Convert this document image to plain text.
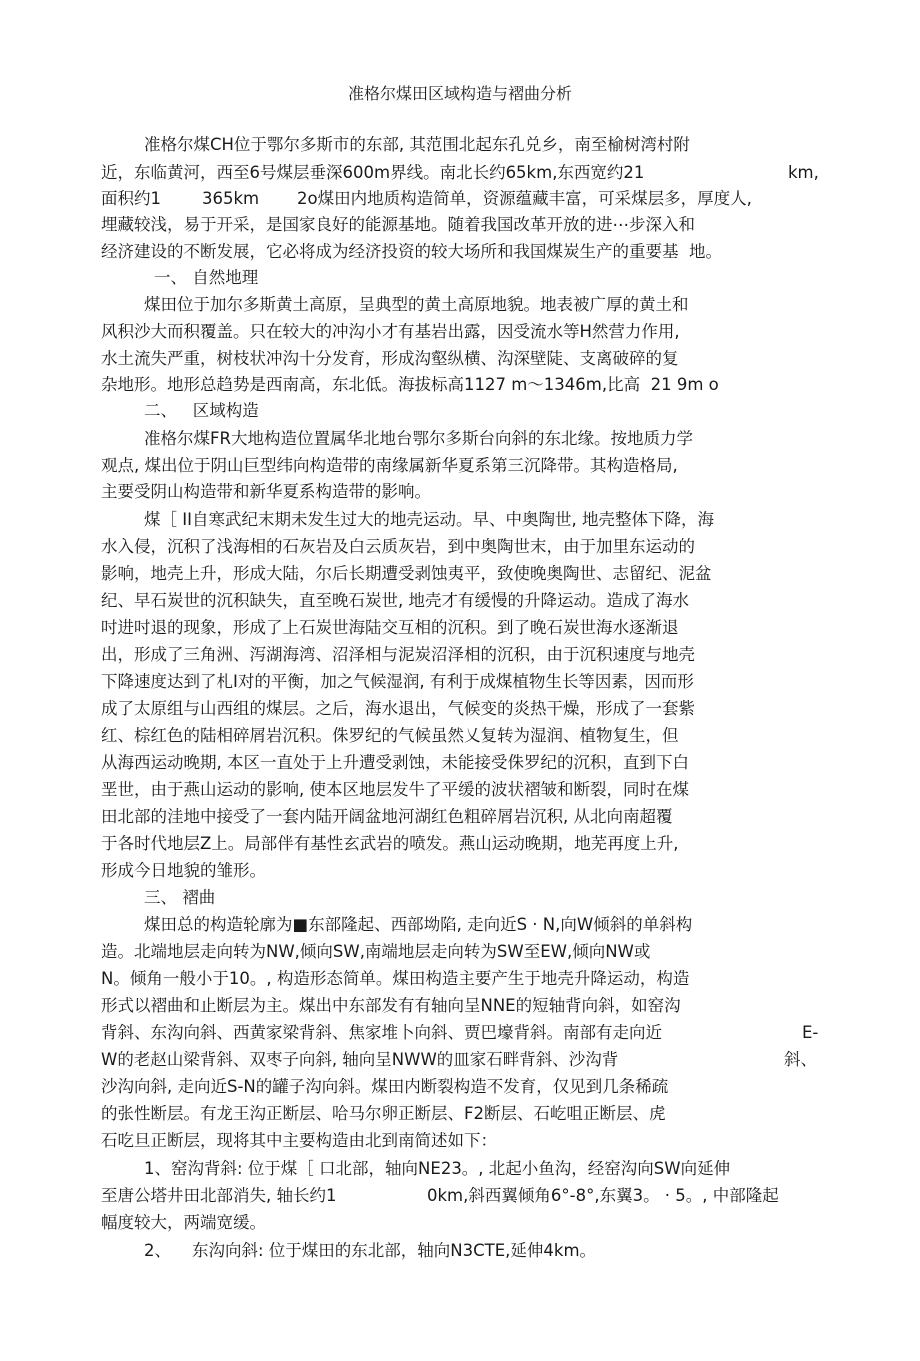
准格尔煤田区域构造与褶曲分析
准格尔煤CH位于鄂尔多斯市的东部, 其范围北起东孔兑乡，南至榆树湾村附
近，东临黄河，西至6号煤层垂深600m界线。南北长约65km,东西宽约21	km,
面积约1 365km 2o煤田内地质构造简单，资源蕴藏丰富，可采煤层多，厚度人,
埋藏较浅，易于开采，是国家良好的能源基地。随着我国改革开放的进⋯步深入和
经济建设的不断发展，它必将成为经济投资的较大场所和我国煤炭生产的重要基  地。
一、 自然地理
煤田位于加尔多斯黄土高原，呈典型的黄土高原地貌。地表被广厚的黄土和
风积沙大而积覆盖。只在较大的冲沟小才有基岩出露，因受流水等H然营力作用,
水土流失严重，树枝状冲沟十分发育，形成沟壑纵横、沟深壁陡、支离破碎的复
杂地形。地形总趋势是西南高，东北低。海拔标高1127 m～1346m,比高  21 9m o
二、   区域构造
准格尔煤FR大地构造位置属华北地台鄂尔多斯台向斜的东北缘。按地质力学
观点, 煤出位于阴山巨型纬向构造带的南缘属新华夏系第三沉降带。其构造格局,
主要受阴山构造带和新华夏系构造带的影响。
煤［ II自寒武纪末期未发生过大的地壳运动。早、中奥陶世, 地壳整体下降，海
水入侵，沉积了浅海相的石灰岩及白云质灰岩，到中奥陶世末，由于加里东运动的
影响，地壳上升，形成大陆，尔后长期遭受剥蚀夷平，致使晚奥陶世、志留纪、泥盆
纪、早石炭世的沉积缺失，直至晚石炭世, 地壳才有缓慢的升降运动。造成了海水
吋进吋退的现象，形成了上石炭世海陆交互相的沉积。到了晚石炭世海水逐渐退
出，形成了三角洲、泻湖海湾、沼泽相与泥炭沼泽相的沉积，由于沉积速度与地壳
下降速度达到了札I对的平衡，加之气候湿润, 有利于成煤植物生长等因素，因而形
成了太原组与山西组的煤层。之后，海水退出，气候变的炎热干燥，形成了一套紫
红、棕红色的陆相碎屑岩沉积。侏罗纪的气候虽然乂复转为湿润、植物复生，但
从海西运动晚期, 本区一直处于上升遭受剥蚀，未能接受侏罗纪的沉积，直到下白
垩世，由于燕山运动的影响, 使本区地层发牛了平缓的波状褶皱和断裂，同时在煤
田北部的洼地中接受了一套内陆开阔盆地河湖红色粗碎屑岩沉积, 从北向南超覆
于各时代地层Z上。局部伴有基性玄武岩的喷发。燕山运动晚期，地芜再度上升,
形成今日地貌的雏形。
三、 褶曲
煤田总的构造轮廓为■东部隆起、西部坳陷, 走向近S · N,向W倾斜的单斜构
造。北端地层走向转为NW,倾向SW,南端地层走向转为SW至EW,倾向NW或
N。倾角一般小于10。, 构造形态简单。煤田构造主要产生于地壳升降运动，构造
形式以褶曲和止断层为主。煤出中东部发有有轴向呈NNE的短轴背向斜，如窑沟
背斜、东沟向斜、西黄家梁背斜、焦家堆卜向斜、贾巴壕背斜。南部有走向近	E-
W的老赵山梁背斜、双枣子向斜, 轴向呈NWW的皿家石畔背斜、沙沟背	斜、
沙沟向斜, 走向近S-N的罐子沟向斜。煤田内断裂构造不发育，仅见到几条稀疏
的张性断层。有龙王沟正断层、哈马尔卵正断层、F2断层、石屹咀正断层、虎
石吃旦正断层，现将其中主要构造由北到南简述如下：
1、窑沟背斜: 位于煤［ 口北部，轴向NE23。, 北起小鱼沟，经窑沟向SW向延伸
至唐公塔井田北部消失, 轴长约1	0km,斜西翼倾角6°-8°,东翼3。 · 5。, 中部隆起
幅度较大，两端宽缓。
2、 东沟向斜: 位于煤田的东北部，轴向N3CTE,延伸4km。
